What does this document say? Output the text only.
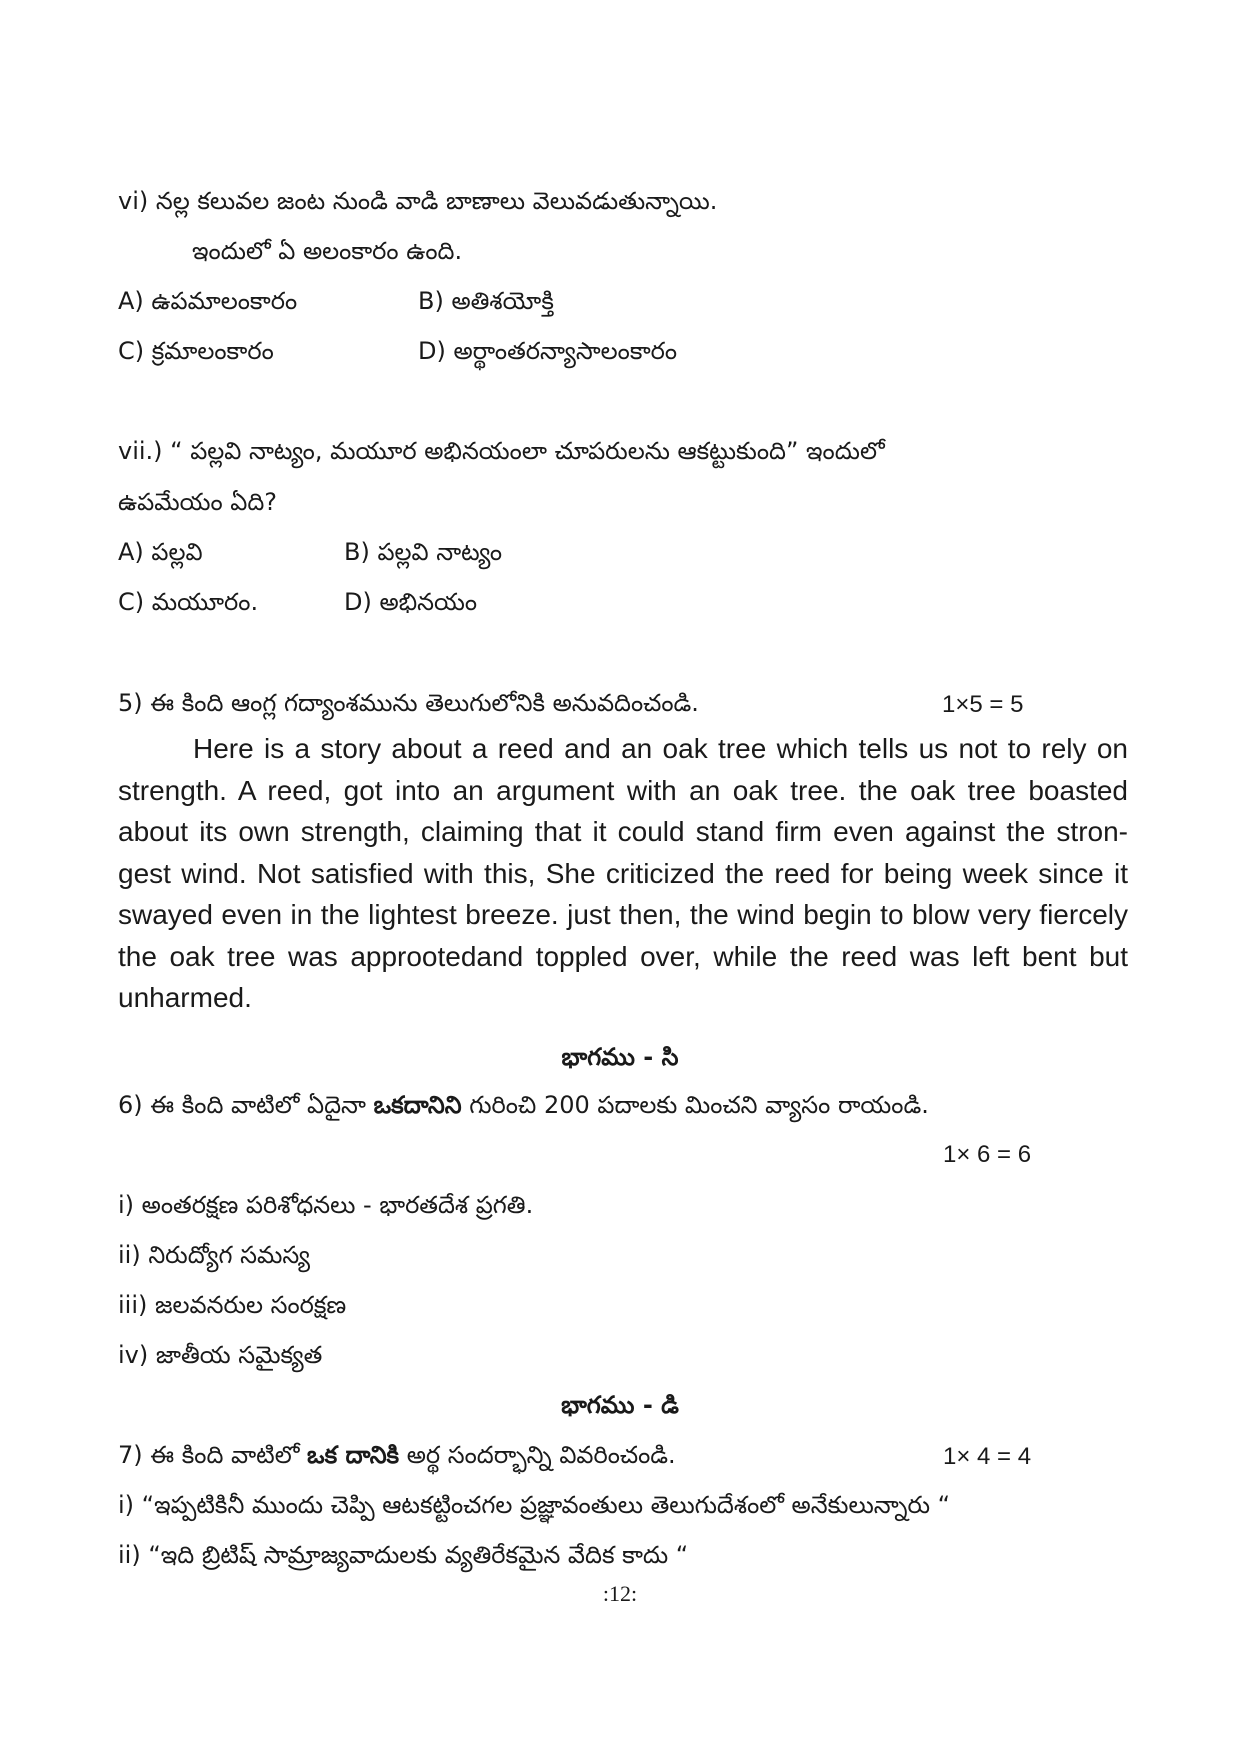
vi) నల్ల కలువల జంట నుండి వాడి బాణాలు వెలువడుతున్నాయి.
ఇందులో ఏ అలంకారం ఉంది.
A) ఉపమాలంకారం	B) అతిశయోక్తి
C) క్రమాలంకారం	D) అర్థాంతరన్యాసాలంకారం
vii.) “ పల్లవి నాట్యం, మయూర అభినయంలా చూపరులను ఆకట్టుకుంది” ఇందులో
ఉపమేయం ఏది?
A) పల్లవి	B) పల్లవి నాట్యం
C) మయూరం.	D) అభినయం
5) ఈ కింది ఆంగ్ల గద్యాంశమును తెలుగులోనికి అనువదించండి.	1×5 = 5

Here is a story about a reed and an oak tree which tells us not to rely on strength. A reed, got into an argument with an oak tree. the oak tree boasted about its own strength, claiming that it could stand firm even against the strongest wind. Not satisfied with this, She criticized the reed for being week since it swayed even in the lightest breeze. just then, the wind begin to blow very fiercely the oak tree was approotedand toppled over, while the reed was left bent but unharmed.

భాగము - సి
6) ఈ కింది వాటిలో ఏదైనా ఒకదానిని గురించి 200 పదాలకు మించని వ్యాసం రాయండి.
1× 6 = 6
i) అంతరక్షణ పరిశోధనలు - భారతదేశ ప్రగతి.
ii) నిరుద్యోగ సమస్య
iii) జలవనరుల సంరక్షణ
iv) జాతీయ సమైక్యత
భాగము - డి
7) ఈ కింది వాటిలో ఒక దానికి అర్థ సందర్భాన్ని వివరించండి.	1× 4 = 4
i) “ఇప్పటికినీ ముందు చెప్పి ఆటకట్టించగల ప్రజ్ఞావంతులు తెలుగుదేశంలో అనేకులున్నారు “
ii) “ఇది బ్రిటిష్ సామ్రాజ్యవాదులకు వ్యతిరేకమైన వేదిక కాదు “
:12:
